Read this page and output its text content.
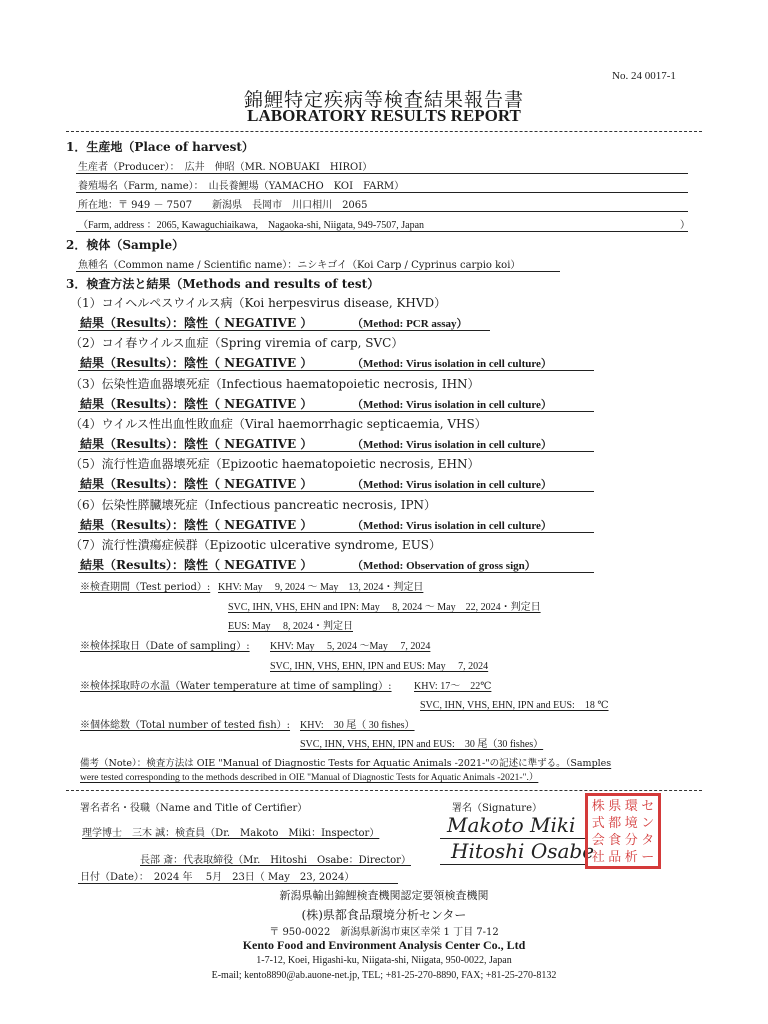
No. 24 0017-1
錦鯉特定疾病等検査結果報告書
LABORATORY RESULTS REPORT
1．生産地（Place of harvest）
生産者（Producer）：　広井　伸昭（MR. NOBUAKI　HIROI）
養殖場名（Farm, name）：　山長養鯉場（YAMACHO　KOI　FARM）
所在地：〒 949 － 7507　　新潟県　長岡市　川口相川　2065
（Farm, address ：2065, Kawaguchiaikawa,　Nagaoka-shi, Niigata, 949-7507, Japan	）
2．検体（Sample）
魚種名（Common name / Scientific name）：ニシキゴイ（Koi Carp / Cyprinus carpio koi）
3．検査方法と結果（Methods and results of test）
（1）コイヘルペスウイルス病（Koi herpesvirus disease, KHVD）
結果（Results）：陰性（ NEGATIVE ）	（Method: PCR assay）
（2）コイ春ウイルス血症（Spring viremia of carp, SVC）
結果（Results）：陰性（ NEGATIVE ）	（Method: Virus isolation in cell culture）
（3）伝染性造血器壊死症（Infectious haematopoietic necrosis, IHN）
結果（Results）：陰性（ NEGATIVE ）	（Method: Virus isolation in cell culture）
（4）ウイルス性出血性敗血症（Viral haemorrhagic septicaemia, VHS）
結果（Results）：陰性（ NEGATIVE ）	（Method: Virus isolation in cell culture）
（5）流行性造血器壊死症（Epizootic haematopoietic necrosis, EHN）
結果（Results）：陰性（ NEGATIVE ）	（Method: Virus isolation in cell culture）
（6）伝染性膵臓壊死症（Infectious pancreatic necrosis, IPN）
結果（Results）：陰性（ NEGATIVE ）	（Method: Virus isolation in cell culture）
（7）流行性潰瘍症候群（Epizootic ulcerative syndrome, EUS）
結果（Results）：陰性（ NEGATIVE ）	（Method: Observation of gross sign）
※検査期間（Test period）: KHV: May　 9, 2024 ～ May　13, 2024・判定日
SVC, IHN, VHS, EHN and IPN: May　 8, 2024 ～ May　22, 2024・判定日
EUS: May　 8, 2024・判定日
※検体採取日（Date of sampling）: KHV: May　 5, 2024 ～May　 7, 2024
SVC, IHN, VHS, EHN, IPN and EUS: May　 7, 2024
※検体採取時の水温（Water temperature at time of sampling）: KHV: 17～　22℃
SVC, IHN, VHS, EHN, IPN and EUS:　18 ℃
※個体総数（Total number of tested fish）: KHV:　30 尾（ 30 fishes）
SVC, IHN, VHS, EHN, IPN and EUS:　30 尾（30 fishes）
備考（Note）：検査方法は OIE "Manual of Diagnostic Tests for Aquatic Animals -2021-"の記述に準ずる。（Samples
were tested corresponding to the methods described in OIE "Manual of Diagnostic Tests for Aquatic Animals -2021-".）
署名者名・役職（Name and Title of Certifier）	署名（Signature）
理学博士　三木 誠：検査員（Dr.　Makoto　Miki：Inspector）
長部 斎：代表取締役（Mr.　Hitoshi　Osabe：Director）
Makoto Miki
Hitoshi Osabe
株 県 環 セ
式 都 境 ン
会 食 分 タ
社 品 析 ー
日付（Date）：　2024 年　 5月　23日（ May　23, 2024）
新潟県輸出錦鯉検査機関認定要領検査機関
(株)県都食品環境分析センター
〒 950-0022　新潟県新潟市東区幸栄 1 丁目 7-12
Kento Food and Environment Analysis Center Co., Ltd
1-7-12, Koei, Higashi-ku, Niigata-shi, Niigata, 950-0022, Japan
E-mail; kento8890@ab.auone-net.jp, TEL; +81-25-270-8890, FAX; +81-25-270-8132
